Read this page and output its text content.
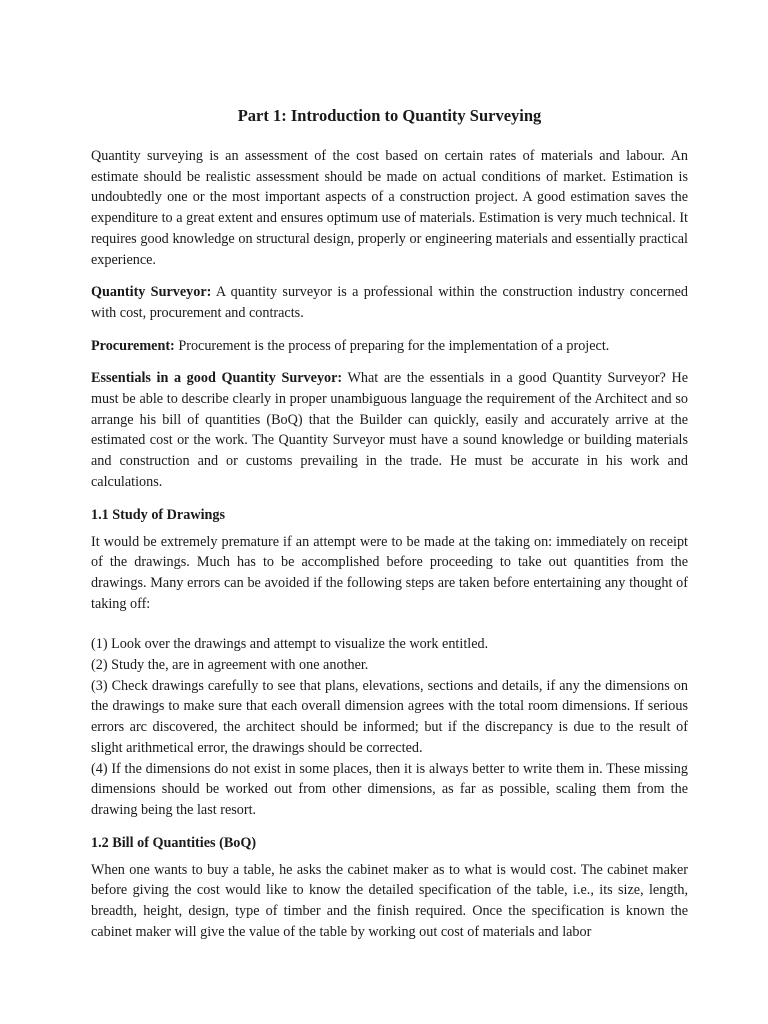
Part 1: Introduction to Quantity Surveying

Quantity surveying is an assessment of the cost based on certain rates of materials and labour. An estimate should be realistic assessment should be made on actual conditions of market. Estimation is undoubtedly one or the most important aspects of a construction project. A good estimation saves the expenditure to a great extent and ensures optimum use of materials. Estimation is very much technical. It requires good knowledge on structural design, properly or engineering materials and essentially practical experience.

Quantity Surveyor: A quantity surveyor is a professional within the construction industry concerned with cost, procurement and contracts.

Procurement: Procurement is the process of preparing for the implementation of a project.

Essentials in a good Quantity Surveyor: What are the essentials in a good Quantity Surveyor? He must be able to describe clearly in proper unambiguous language the requirement of the Architect and so arrange his bill of quantities (BoQ) that the Builder can quickly, easily and accurately arrive at the estimated cost or the work. The Quantity Surveyor must have a sound knowledge or building materials and construction and or customs prevailing in the trade. He must be accurate in his work and calculations.

1.1 Study of Drawings

It would be extremely premature if an attempt were to be made at the taking on: immediately on receipt of the drawings. Much has to be accomplished before proceeding to take out quantities from the drawings. Many errors can be avoided if the following steps are taken before entertaining any thought of taking off:

(1) Look over the drawings and attempt to visualize the work entitled.

(2) Study the, are in agreement with one another.

(3) Check drawings carefully to see that plans, elevations, sections and details, if any the dimensions on the drawings to make sure that each overall dimension agrees with the total room dimensions. If serious errors arc discovered, the architect should be informed; but if the discrepancy is due to the result of slight arithmetical error, the drawings should be corrected.

(4) If the dimensions do not exist in some places, then it is always better to write them in. These missing dimensions should be worked out from other dimensions, as far as possible, scaling them from the drawing being the last resort.

1.2 Bill of Quantities (BoQ)

When one wants to buy a table, he asks the cabinet maker as to what is would cost. The cabinet maker before giving the cost would like to know the detailed specification of the table, i.e., its size, length, breadth, height, design, type of timber and the finish required. Once the specification is known the cabinet maker will give the value of the table by working out cost of materials and labor
